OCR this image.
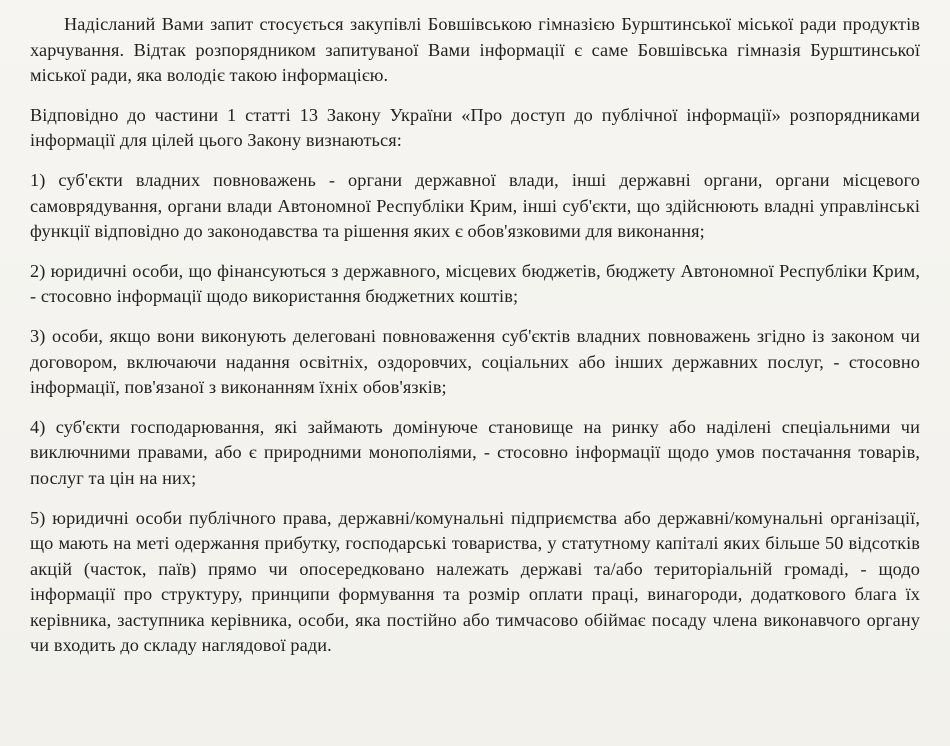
Надісланий Вами запит стосується закупівлі Бовшівською гімназією Бурштинської міської ради продуктів харчування. Відтак розпорядником запитуваної Вами інформації є саме Бовшівська гімназія Бурштинської міської ради, яка володіє такою інформацією.

Відповідно до частини 1 статті 13 Закону України «Про доступ до публічної інформації» розпорядниками інформації для цілей цього Закону визнаються:

1) суб'єкти владних повноважень - органи державної влади, інші державні органи, органи місцевого самоврядування, органи влади Автономної Республіки Крим, інші суб'єкти, що здійснюють владні управлінські функції відповідно до законодавства та рішення яких є обов'язковими для виконання;

2) юридичні особи, що фінансуються з державного, місцевих бюджетів, бюджету Автономної Республіки Крим, - стосовно інформації щодо використання бюджетних коштів;

3) особи, якщо вони виконують делеговані повноваження суб'єктів владних повноважень згідно із законом чи договором, включаючи надання освітніх, оздоровчих, соціальних або інших державних послуг, - стосовно інформації, пов'язаної з виконанням їхніх обов'язків;

4) суб'єкти господарювання, які займають домінуюче становище на ринку або наділені спеціальними чи виключними правами, або є природними монополіями, - стосовно інформації щодо умов постачання товарів, послуг та цін на них;

5) юридичні особи публічного права, державні/комунальні підприємства або державні/комунальні організації, що мають на меті одержання прибутку, господарські товариства, у статутному капіталі яких більше 50 відсотків акцій (часток, паїв) прямо чи опосередковано належать державі та/або територіальній громаді, - щодо інформації про структуру, принципи формування та розмір оплати праці, винагороди, додаткового блага їх керівника, заступника керівника, особи, яка постійно або тимчасово обіймає посаду члена виконавчого органу чи входить до складу наглядової ради.
